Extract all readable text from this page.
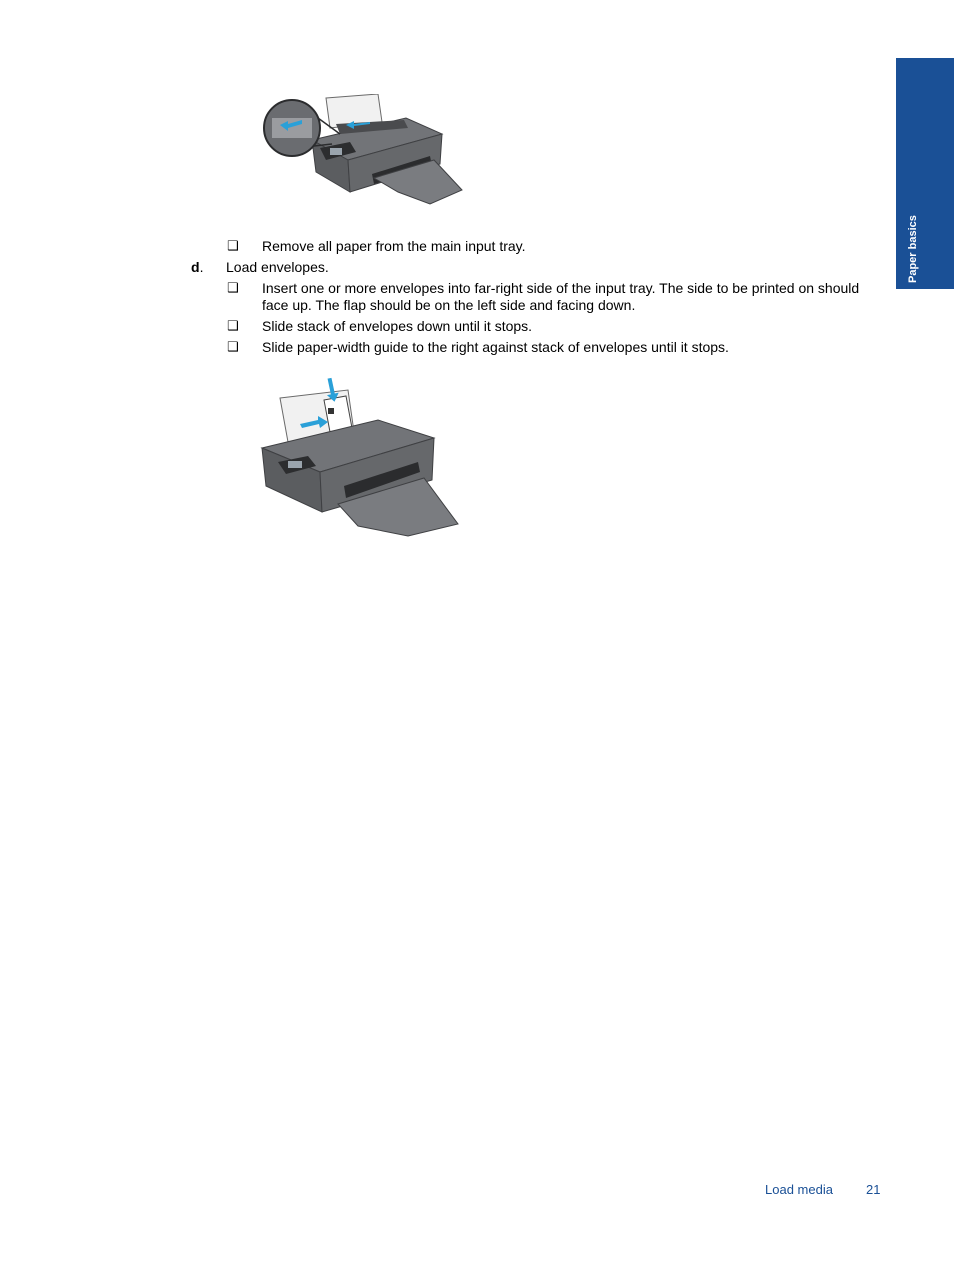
Paper basics
❑ Remove all paper from the main input tray.
d. Load envelopes.
❑ Insert one or more envelopes into far-right side of the input tray. The side to be printed on should face up. The flap should be on the left side and facing down.
❑ Slide stack of envelopes down until it stops.
❑ Slide paper-width guide to the right against stack of envelopes until it stops.
Load media	21
